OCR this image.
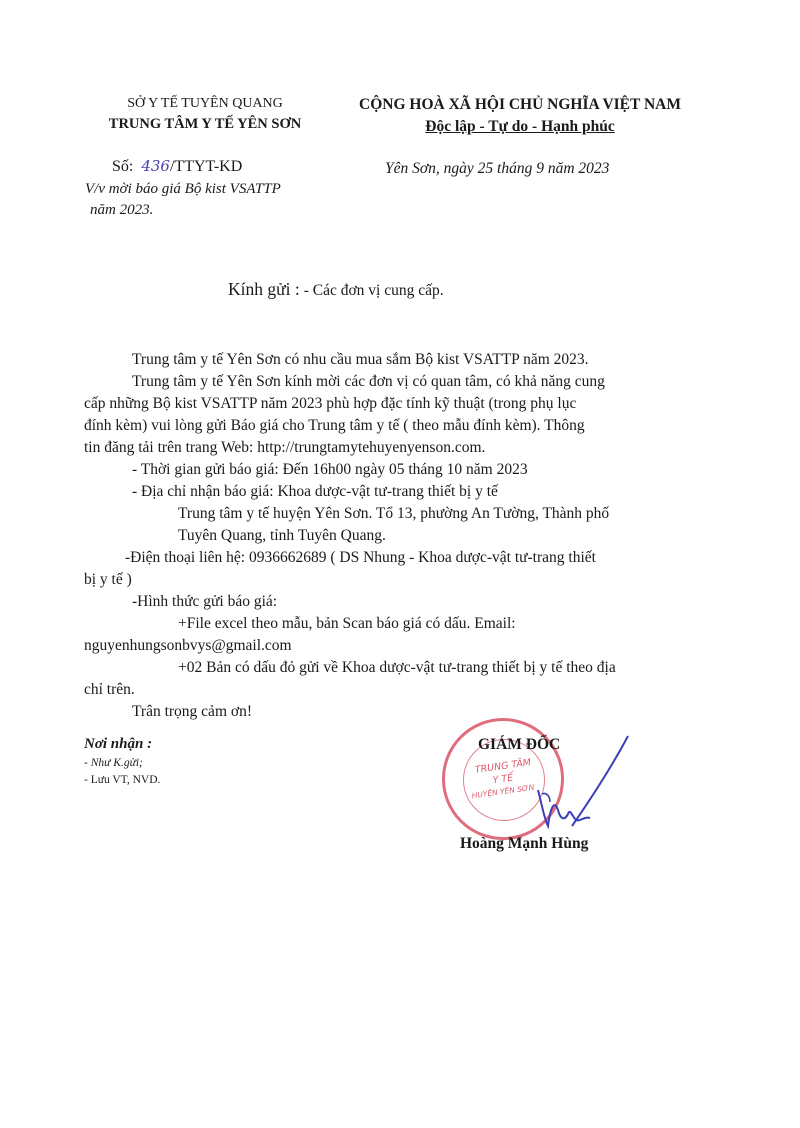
SỞ Y TẾ TUYÊN QUANG
TRUNG TÂM Y TẾ YÊN SƠN
Số: 436/TTYT-KD
V/v mời báo giá Bộ kist VSATTP
năm 2023.
CỘNG HOÀ XÃ HỘI CHỦ NGHĨA VIỆT NAM
Độc lập - Tự do - Hạnh phúc
Yên Sơn, ngày 25 tháng 9 năm 2023
Kính gửi : - Các đơn vị cung cấp.
Trung tâm y tế Yên Sơn có nhu cầu mua sắm Bộ kist VSATTP năm 2023.
Trung tâm y tế Yên Sơn kính mời các đơn vị có quan tâm, có khả năng cung
cấp những Bộ kist VSATTP năm 2023 phù hợp đặc tính kỹ thuật (trong phụ lục
đính kèm) vui lòng gửi Báo giá cho Trung tâm y tế ( theo mẫu đính kèm). Thông
tin đăng tải trên trang Web: http://trungtamytehuyenyenson.com.
- Thời gian gửi báo giá: Đến 16h00 ngày 05 tháng 10 năm 2023
- Địa chỉ nhận báo giá: Khoa dược-vật tư-trang thiết bị y tế
Trung tâm y tế huyện Yên Sơn. Tổ 13, phường An Tường, Thành phố
Tuyên Quang, tỉnh Tuyên Quang.
-Điện thoại liên hệ: 0936662689 ( DS Nhung - Khoa dược-vật tư-trang thiết
bị y tế )
-Hình thức gửi báo giá:
+File excel theo mẫu, bản Scan báo giá có dấu. Email:
nguyenhungsonbvys@gmail.com
+02 Bản có dấu đỏ gửi về Khoa dược-vật tư-trang thiết bị y tế theo địa
chỉ trên.
Trân trọng cảm ơn!
Nơi nhận :
- Như K.gửi;
- Lưu VT, NVD.
TRUNG TÂM
Y TẾ
HUYỆN YÊN SƠN
GIÁM ĐỐC
Hoàng Mạnh Hùng
